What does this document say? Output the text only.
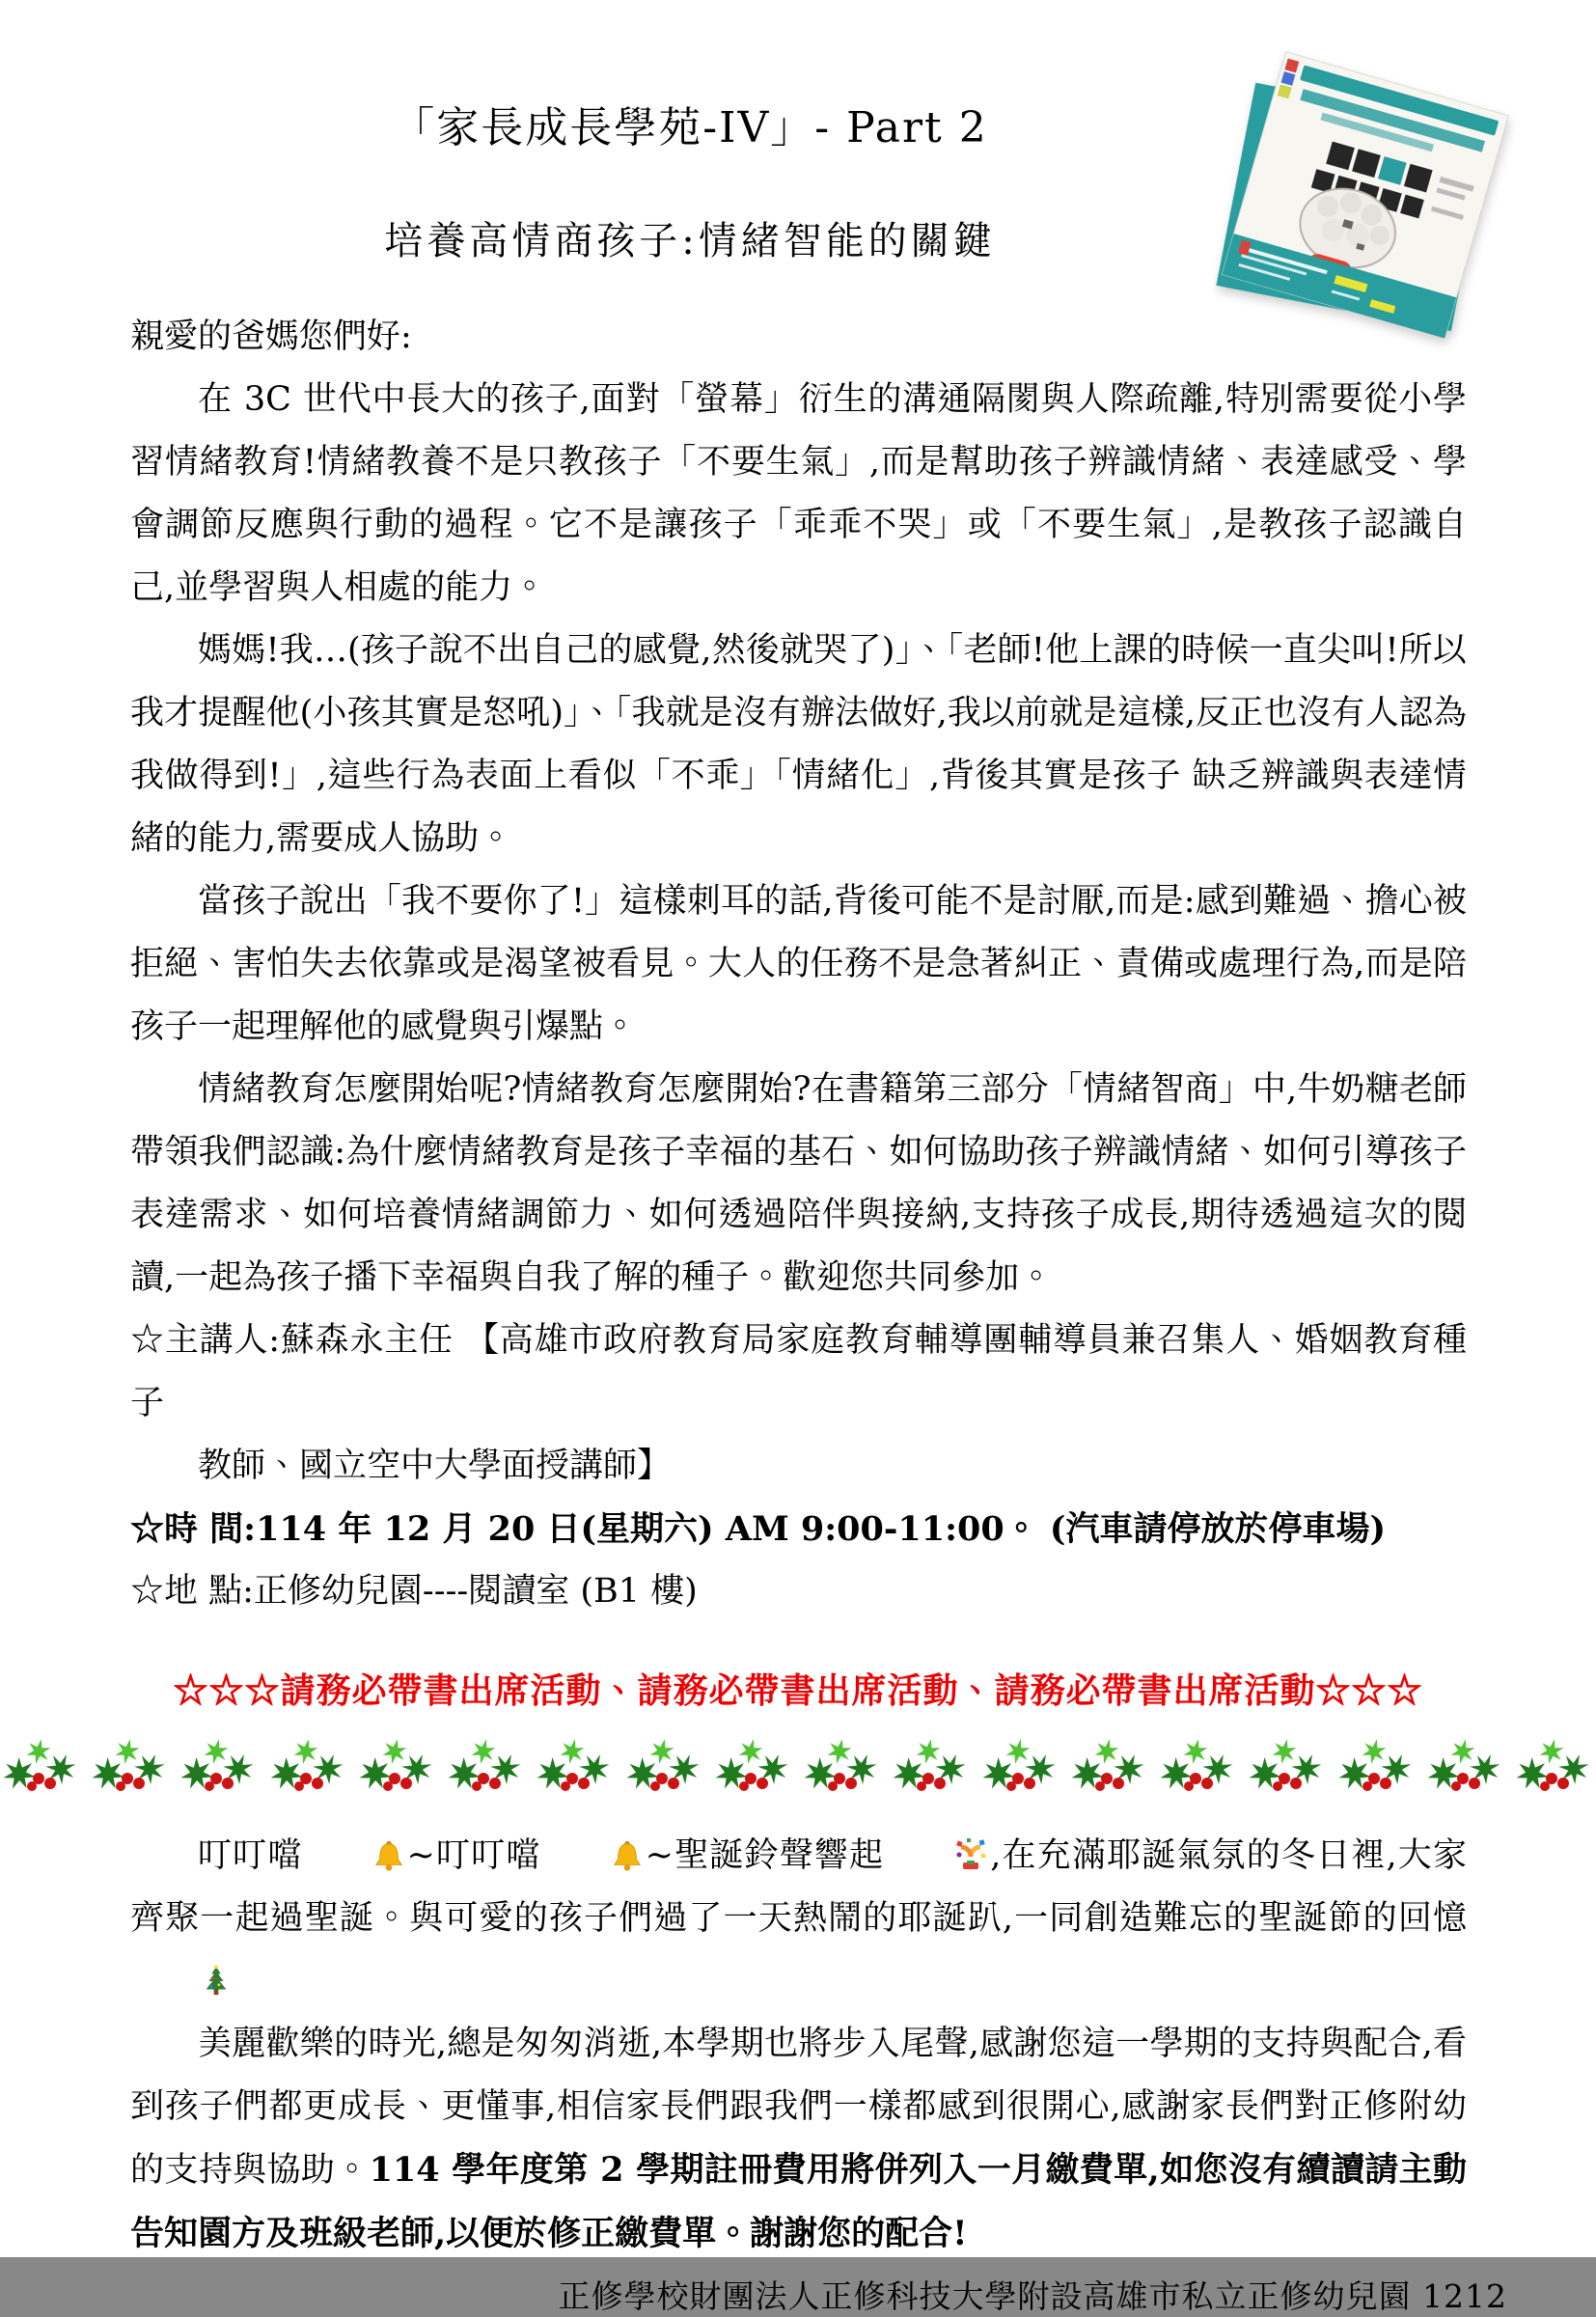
「家長成長學苑-IV」- Part 2
培養高情商孩子:情緒智能的關鍵

親愛的爸媽您們好:

在 3C 世代中長大的孩子,面對「螢幕」衍生的溝通隔閡與人際疏離,特別需要從小學習情緒教育!情緒教養不是只教孩子「不要生氣」,而是幫助孩子辨識情緒、表達感受、學會調節反應與行動的過程。它不是讓孩子「乖乖不哭」或「不要生氣」,是教孩子認識自己,並學習與人相處的能力。

媽媽!我…(孩子說不出自己的感覺,然後就哭了)」、「老師!他上課的時候一直尖叫!所以我才提醒他(小孩其實是怒吼)」、「我就是沒有辦法做好,我以前就是這樣,反正也沒有人認為我做得到!」,這些行為表面上看似「不乖」「情緒化」,背後其實是孩子 缺乏辨識與表達情緒的能力,需要成人協助。

當孩子說出「我不要你了!」這樣刺耳的話,背後可能不是討厭,而是:感到難過、擔心被拒絕、害怕失去依靠或是渴望被看見。大人的任務不是急著糾正、責備或處理行為,而是陪孩子一起理解他的感覺與引爆點。

情緒教育怎麼開始呢?情緒教育怎麼開始?在書籍第三部分「情緒智商」中,牛奶糖老師帶領我們認識:為什麼情緒教育是孩子幸福的基石、如何協助孩子辨識情緒、如何引導孩子表達需求、如何培養情緒調節力、如何透過陪伴與接納,支持孩子成長,期待透過這次的閱讀,一起為孩子播下幸福與自我了解的種子。歡迎您共同參加。

☆主講人:蘇森永主任 【高雄市政府教育局家庭教育輔導團輔導員兼召集人、婚姻教育種子

教師、國立空中大學面授講師】

☆時 間:114 年 12 月 20 日(星期六) AM 9:00-11:00。 (汽車請停放於停車場)

☆地 點:正修幼兒園----閱讀室 (B1 樓)

☆☆☆請務必帶書出席活動、請務必帶書出席活動、請務必帶書出席活動☆☆☆

叮叮噹	~叮叮噹	~聖誕鈴聲響起	,在充滿耶誕氣氛的冬日裡,大家齊聚一起過聖誕。與可愛的孩子們過了一天熱鬧的耶誕趴,一同創造難忘的聖誕節的回憶

美麗歡樂的時光,總是匆匆消逝,本學期也將步入尾聲,感謝您這一學期的支持與配合,看到孩子們都更成長、更懂事,相信家長們跟我們一樣都感到很開心,感謝家長們對正修附幼的支持與協助。114 學年度第 2 學期註冊費用將併列入一月繳費單,如您沒有續讀請主動告知園方及班級老師,以便於修正繳費單。謝謝您的配合!

正修學校財團法人正修科技大學附設高雄市私立正修幼兒園 1212
